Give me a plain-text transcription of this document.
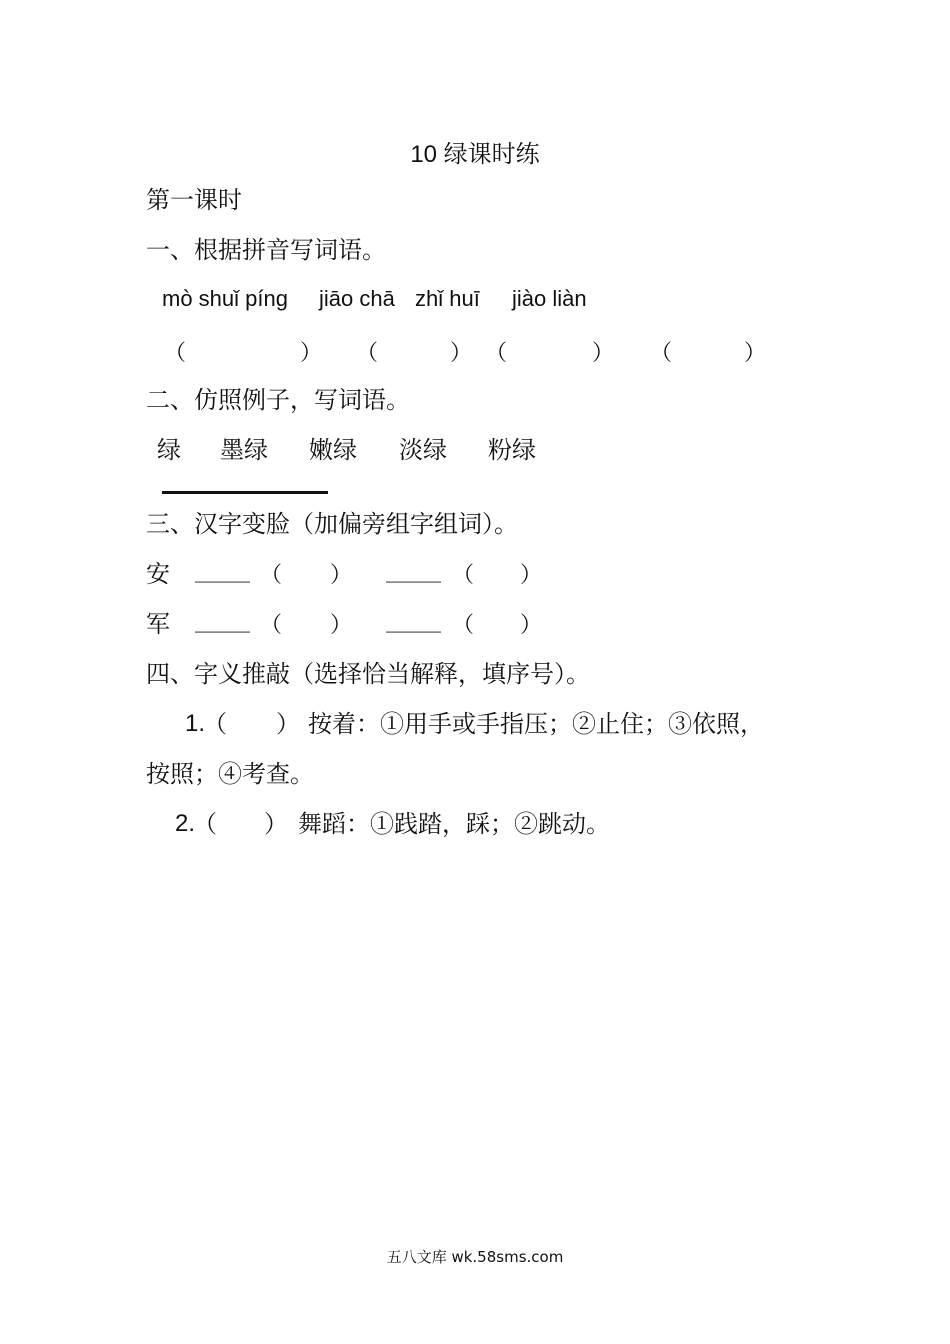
10 绿课时练
第一课时
一、根据拼音写词语。
mò shuǐ píng jiāo chā zhǐ huī jiào liàn
（	） （	） （	） （	）
二、仿照例子，写词语。
绿 墨绿 嫩绿 淡绿 粉绿
三、汉字变脸（加偏旁组字组词）。
安 _____ （ ） _____ （ ）
军 _____ （ ） _____ （ ）
四、字义推敲（选择恰当解释，填序号）。
1.
（ ） 按着：①用手或手指压；②止住；③依照，
按照；④考查。
2.
（ ） 舞蹈：①践踏，踩；②跳动。
五八文库 wk.58sms.com
